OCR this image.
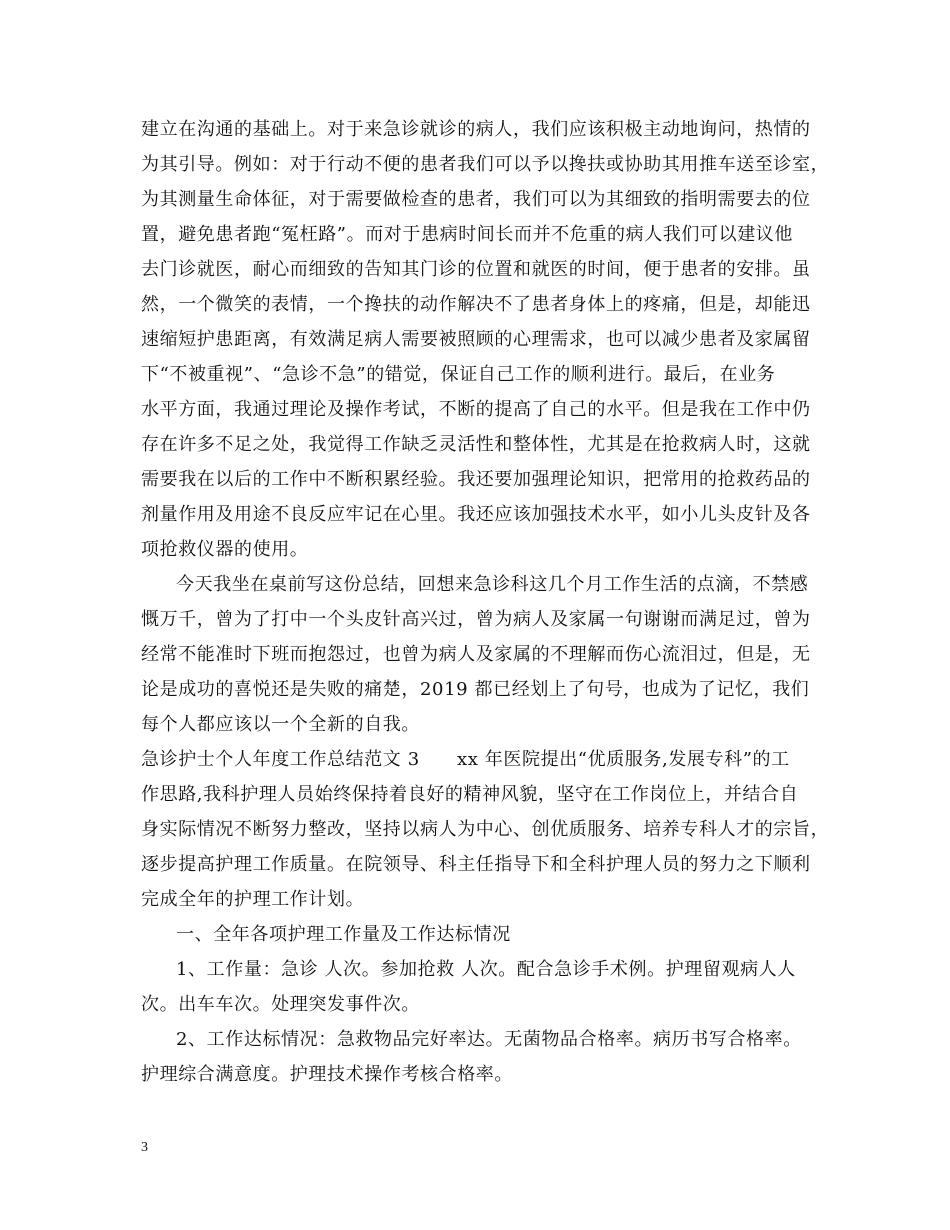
建立在沟通的基础上。对于来急诊就诊的病人，我们应该积极主动地询问，热情的
为其引导。例如：对于行动不便的患者我们可以予以搀扶或协助其用推车送至诊室，
为其测量生命体征，对于需要做检查的患者，我们可以为其细致的指明需要去的位
置，避免患者跑“冤枉路”。而对于患病时间长而并不危重的病人我们可以建议他
去门诊就医，耐心而细致的告知其门诊的位置和就医的时间，便于患者的安排。虽
然，一个微笑的表情，一个搀扶的动作解决不了患者身体上的疼痛，但是，却能迅
速缩短护患距离，有效满足病人需要被照顾的心理需求，也可以减少患者及家属留
下“不被重视”、“急诊不急”的错觉，保证自己工作的顺利进行。最后，在业务
水平方面，我通过理论及操作考试，不断的提高了自己的水平。但是我在工作中仍
存在许多不足之处，我觉得工作缺乏灵活性和整体性，尤其是在抢救病人时，这就
需要我在以后的工作中不断积累经验。我还要加强理论知识，把常用的抢救药品的
剂量作用及用途不良反应牢记在心里。我还应该加强技术水平，如小儿头皮针及各
项抢救仪器的使用。
今天我坐在桌前写这份总结，回想来急诊科这几个月工作生活的点滴，不禁感
慨万千，曾为了打中一个头皮针高兴过，曾为病人及家属一句谢谢而满足过，曾为
经常不能准时下班而抱怨过，也曾为病人及家属的不理解而伤心流泪过，但是，无
论是成功的喜悦还是失败的痛楚，2019 都已经划上了句号，也成为了记忆，我们
每个人都应该以一个全新的自我。
急诊护士个人年度工作总结范文 3　　xx 年医院提出“优质服务,发展专科”的工
作思路,我科护理人员始终保持着良好的精神风貌，坚守在工作岗位上，并结合自
身实际情况不断努力整改，坚持以病人为中心、创优质服务、培养专科人才的宗旨，
逐步提高护理工作质量。在院领导、科主任指导下和全科护理人员的努力之下顺利
完成全年的护理工作计划。
一、全年各项护理工作量及工作达标情况
1、工作量：急诊 人次。参加抢救 人次。配合急诊手术例。护理留观病人人
次。出车车次。处理突发事件次。
2、工作达标情况：急救物品完好率达。无菌物品合格率。病历书写合格率。
护理综合满意度。护理技术操作考核合格率。
3
